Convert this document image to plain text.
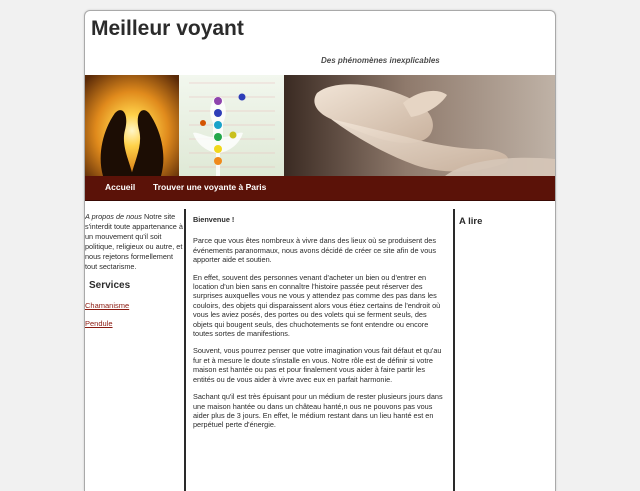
Meilleur voyant
Des phénomènes inexplicables
Accueil Trouver une voyante à Paris
A propos de nous Notre site s'interdit toute appartenance à un mouvement qu'il soit politique, religieux ou autre, et nous rejetons formellement tout sectarisme.
Services
Chamanisme
Pendule

Bienvenue !

Parce que vous êtes nombreux à vivre dans des lieux où se produisent des événements paranormaux, nous avons décidé de créer ce site afin de vous apporter aide et soutien.

En effet, souvent des personnes venant d'acheter un bien ou d'entrer en location d'un bien sans en connaître l'histoire passée peut réserver des surprises auxquelles vous ne vous y attendez pas comme des pas dans les couloirs, des objets qui disparaissent alors vous étiez certains de l'endroit où vous les aviez posés, des portes ou des volets qui se ferment seuls, des objets qui bougent seuls, des chuchotements se font entendre ou encore toutes sortes de manifestions.

Souvent, vous pourrez penser que votre imagination vous fait défaut et qu'au fur et à mesure le doute s'installe en vous. Notre rôle est de définir si votre maison est hantée ou pas et pour finalement vous aider à faire partir les entités ou de vous aider à vivre avec eux en parfait harmonie.

Sachant qu'il est très épuisant pour un médium de rester plusieurs jours dans une maison hantée ou dans un château hanté,n ous ne pouvons pas vous aider plus de 3 jours. En effet, le médium restant dans un lieu hanté est en perpétuel perte d'énergie.

A lire
